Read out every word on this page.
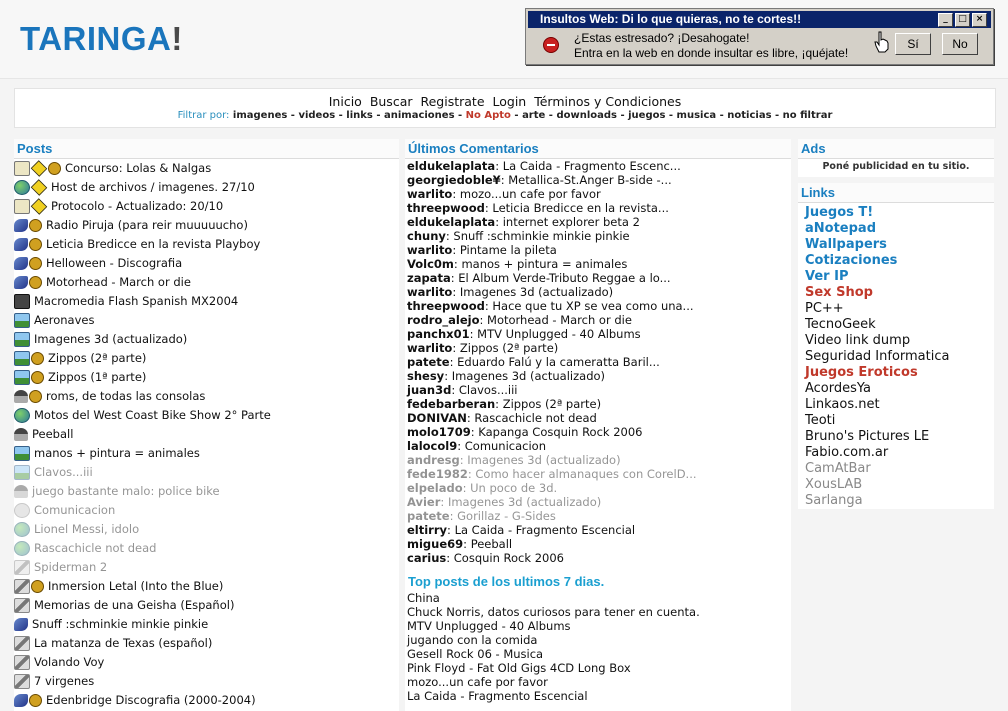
TARINGA!
Insultos Web: Di lo que quieras, no te cortes!!	_	□ ×
¿Estas estresado? ¡Desahogate!
Entra en la web en donde insultar es libre, ¡quéjate!
Sí	No
Inicio Buscar Registrate Login Términos y Condiciones
Filtrar por: imagenes - videos - links - animaciones - No Apto - arte - downloads - juegos - musica - noticias - no filtrar
Posts
Concurso: Lolas & Nalgas
Host de archivos / imagenes. 27/10
Protocolo - Actualizado: 20/10
Radio Piruja (para reir muuuuucho)
Leticia Bredicce en la revista Playboy
Helloween - Discografia
Motorhead - March or die
Macromedia Flash Spanish MX2004
Aeronaves
Imagenes 3d (actualizado)
Zippos (2ª parte)
Zippos (1ª parte)
roms, de todas las consolas
Motos del West Coast Bike Show 2° Parte
Peeball
manos + pintura = animales
Clavos...iii
juego bastante malo: police bike
Comunicacion
Lionel Messi, idolo
Rascachicle not dead
Spiderman 2
Inmersion Letal (Into the Blue)
Memorias de una Geisha (Español)
Snuff :schminkie minkie pinkie
La matanza de Texas (español)
Volando Voy
7 virgenes
Edenbridge Discografia (2000-2004)
Últimos Comentarios
eldukelaplata: La Caida - Fragmento Escenc...
georgiedoble¥: Metallica-St.Anger B-side -...
warlito: mozo...un cafe por favor
threepwood: Leticia Bredicce en la revista...
eldukelaplata: internet explorer beta 2
chuny: Snuff :schminkie minkie pinkie
warlito: Pintame la pileta
Volc0m: manos + pintura = animales
zapata: El Album Verde-Tributo Reggae a lo...
warlito: Imagenes 3d (actualizado)
threepwood: Hace que tu XP se vea como una...
rodro_alejo: Motorhead - March or die
panchx01: MTV Unplugged - 40 Albums
warlito: Zippos (2ª parte)
patete: Eduardo Falú y la cameratta Baril...
shesy: Imagenes 3d (actualizado)
juan3d: Clavos...iii
fedebarberan: Zippos (2ª parte)
DONIVAN: Rascachicle not dead
molo1709: Kapanga Cosquin Rock 2006
lalocol9: Comunicacion
andresg: Imagenes 3d (actualizado)
fede1982: Como hacer almanaques con CorelD...
elpelado: Un poco de 3d.
Avier: Imagenes 3d (actualizado)
patete: Gorillaz - G-Sides
eltirry: La Caida - Fragmento Escencial
migue69: Peeball
carius: Cosquin Rock 2006
Top posts de los ultimos 7 dias.
China
Chuck Norris, datos curiosos para tener en cuenta.
MTV Unplugged - 40 Albums
jugando con la comida
Gesell Rock 06 - Musica
Pink Floyd - Fat Old Gigs 4CD Long Box
mozo...un cafe por favor
La Caida - Fragmento Escencial
Ads
Poné publicidad en tu sitio.
Links
Juegos T!
aNotepad
Wallpapers
Cotizaciones
Ver IP
Sex Shop
PC++
TecnoGeek
Video link dump
Seguridad Informatica
Juegos Eroticos
AcordesYa
Linkaos.net
Teoti
Bruno's Pictures LE
Fabio.com.ar
CamAtBar
XousLAB
Sarlanga
